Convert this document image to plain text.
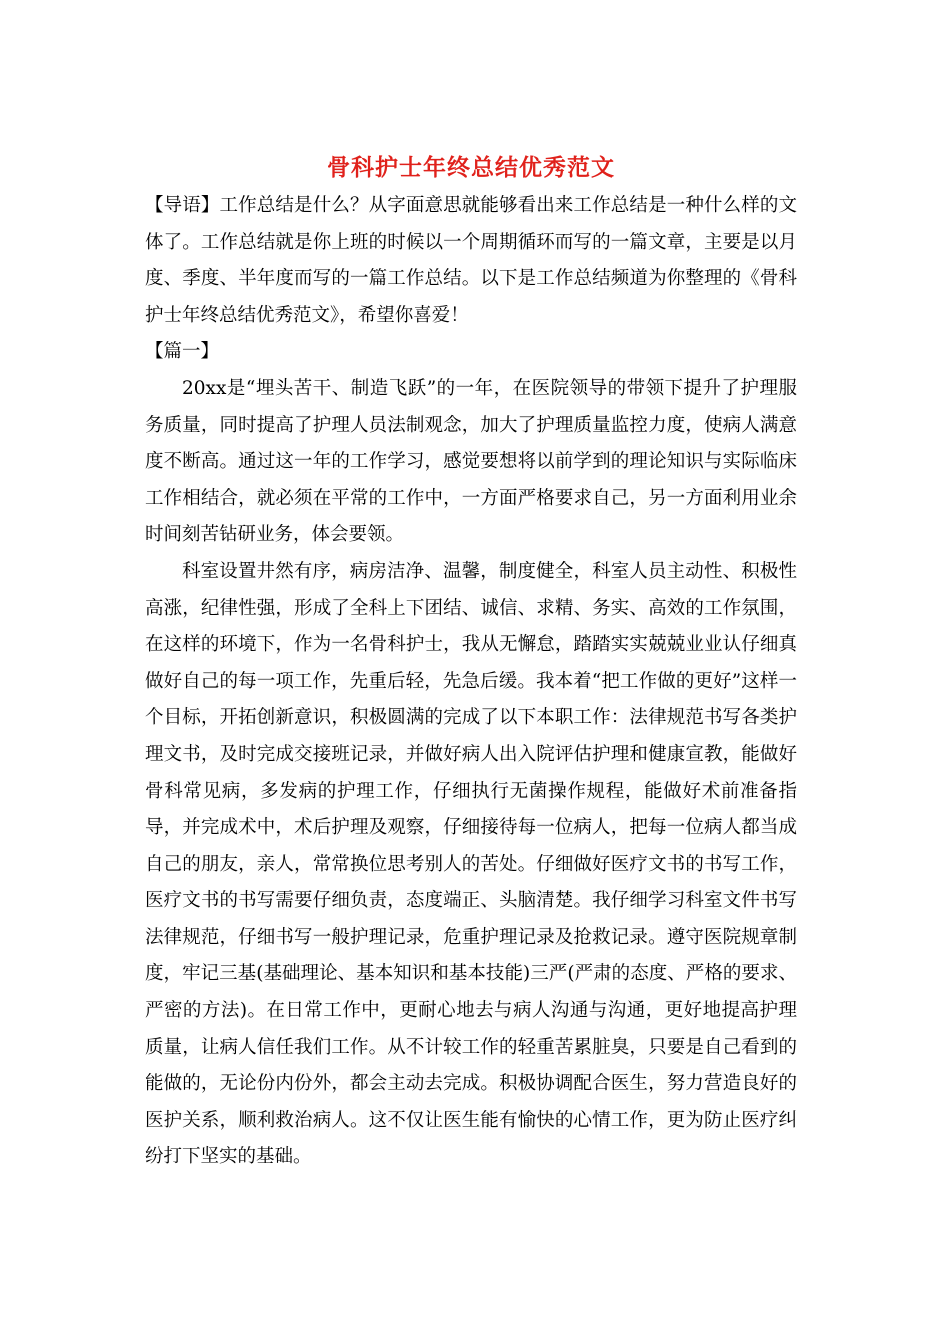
骨科护士年终总结优秀范文

【导语】工作总结是什么？从字面意思就能够看出来工作总结是一种什么样的文体了。工作总结就是你上班的时候以一个周期循环而写的一篇文章，主要是以月度、季度、半年度而写的一篇工作总结。以下是工作总结频道为你整理的《骨科护士年终总结优秀范文》，希望你喜爱！

【篇一】

20xx是“埋头苦干、制造飞跃”的一年，在医院领导的带领下提升了护理服务质量，同时提高了护理人员法制观念，加大了护理质量监控力度，使病人满意度不断高。通过这一年的工作学习，感觉要想将以前学到的理论知识与实际临床工作相结合，就必须在平常的工作中，一方面严格要求自己，另一方面利用业余时间刻苦钻研业务，体会要领。

科室设置井然有序，病房洁净、温馨，制度健全，科室人员主动性、积极性高涨，纪律性强，形成了全科上下团结、诚信、求精、务实、高效的工作氛围，在这样的环境下，作为一名骨科护士，我从无懈怠，踏踏实实兢兢业业认仔细真做好自己的每一项工作，先重后轻，先急后缓。我本着“把工作做的更好”这样一个目标，开拓创新意识，积极圆满的完成了以下本职工作：法律规范书写各类护理文书，及时完成交接班记录，并做好病人出入院评估护理和健康宣教，能做好骨科常见病，多发病的护理工作，仔细执行无菌操作规程，能做好术前准备指导，并完成术中，术后护理及观察，仔细接待每一位病人，把每一位病人都当成自己的朋友，亲人，常常换位思考别人的苦处。仔细做好医疗文书的书写工作，医疗文书的书写需要仔细负责，态度端正、头脑清楚。我仔细学习科室文件书写法律规范，仔细书写一般护理记录，危重护理记录及抢救记录。遵守医院规章制度，牢记三基(基础理论、基本知识和基本技能)三严(严肃的态度、严格的要求、严密的方法)。在日常工作中，更耐心地去与病人沟通与沟通，更好地提高护理质量，让病人信任我们工作。从不计较工作的轻重苦累脏臭，只要是自己看到的能做的，无论份内份外，都会主动去完成。积极协调配合医生，努力营造良好的医护关系，顺利救治病人。这不仅让医生能有愉快的心情工作，更为防止医疗纠纷打下坚实的基础。
